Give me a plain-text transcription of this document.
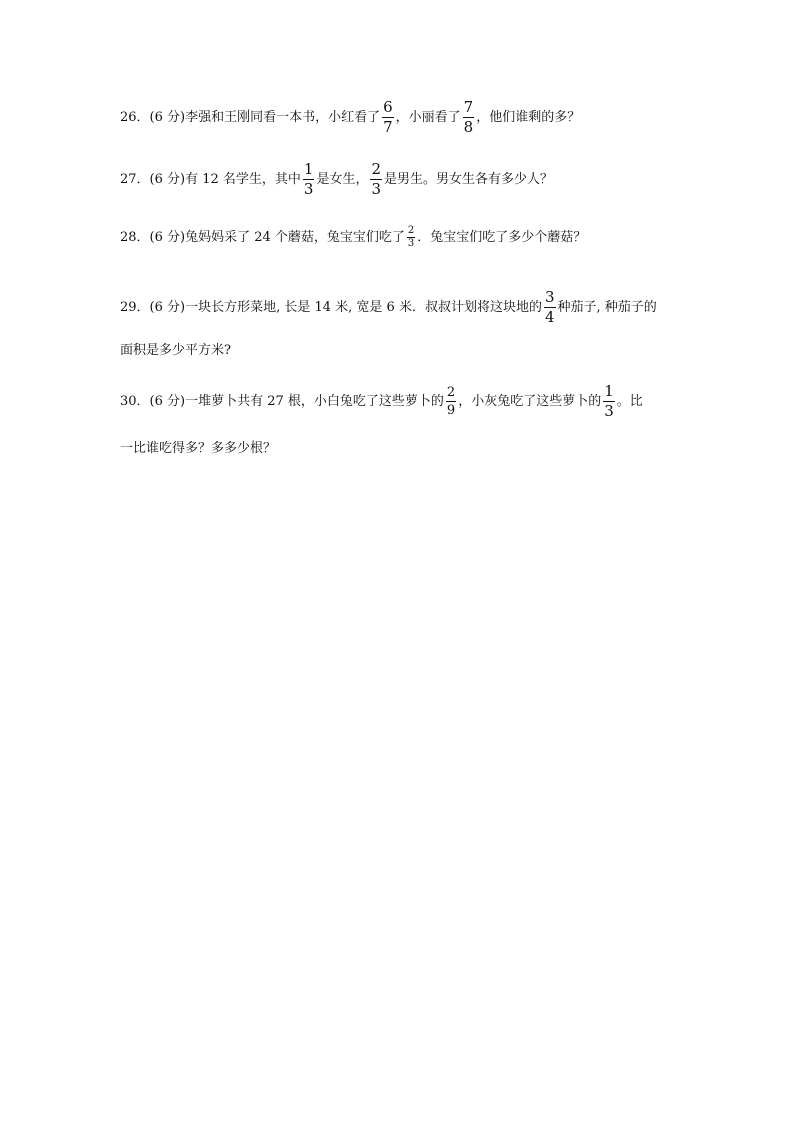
26．(6 分)李强和王刚同看一本书，小红看了 $\frac{6}{7}$ ，小丽看了 $\frac{7}{8}$ ，他们谁剩的多？
27．(6 分)有 12 名学生，其中 $\frac{1}{3}$ 是女生， $\frac{2}{3}$ 是男生。男女生各有多少人？
28．(6 分)兔妈妈采了 24 个蘑菇，兔宝宝们吃了 $\frac{2}{3}$ ．兔宝宝们吃了多少个蘑菇？
29．(6 分)一块长方形菜地, 长是 14 米, 宽是 6 米．叔叔计划将这块地的 $\frac{3}{4}$ 种茄子, 种茄子的
面积是多少平方米?
30．(6 分)一堆萝卜共有 27 根，小白兔吃了这些萝卜的 $\frac{2}{9}$ ，小灰兔吃了这些萝卜的 $\frac{1}{3}$ 。比
一比谁吃得多？多多少根？
